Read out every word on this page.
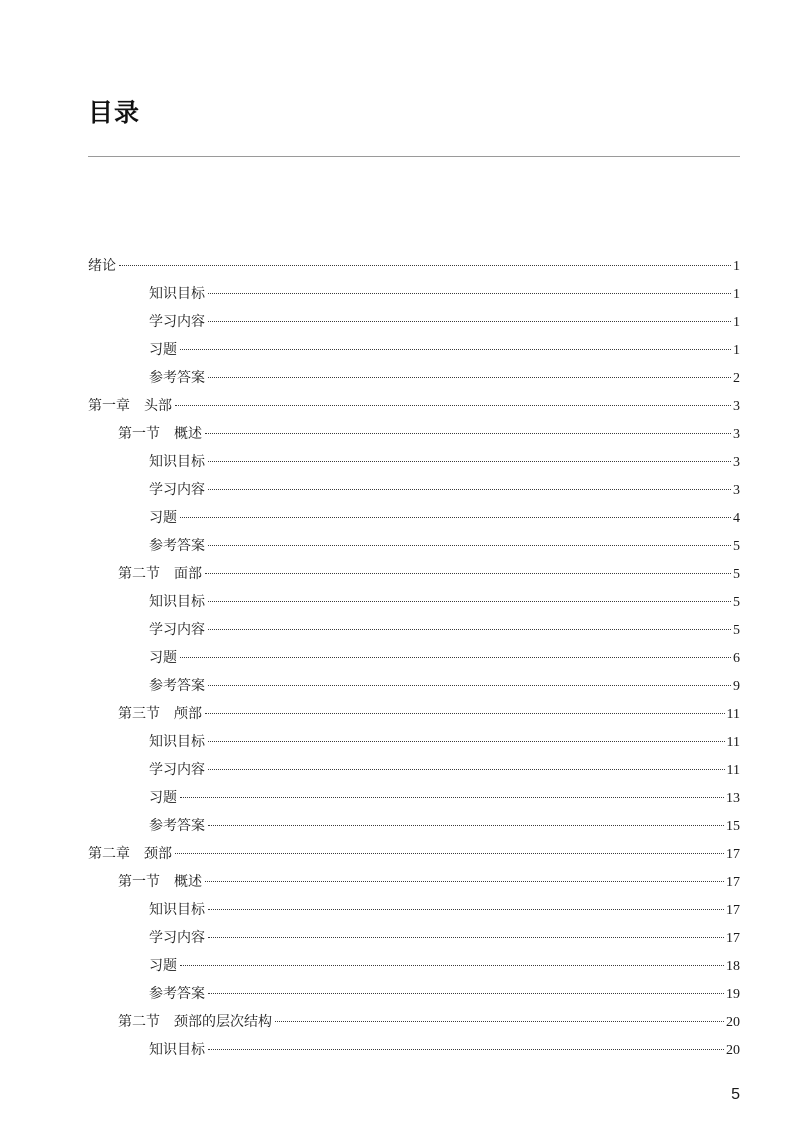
目录
绪论	1
知识目标	1
学习内容	1
习题	1
参考答案	2
第一章　头部	3
第一节　概述	3
知识目标	3
学习内容	3
习题	4
参考答案	5
第二节　面部	5
知识目标	5
学习内容	5
习题	6
参考答案	9
第三节　颅部	11
知识目标	11
学习内容	11
习题	13
参考答案	15
第二章　颈部	17
第一节　概述	17
知识目标	17
学习内容	17
习题	18
参考答案	19
第二节　颈部的层次结构	20
知识目标	20
5
